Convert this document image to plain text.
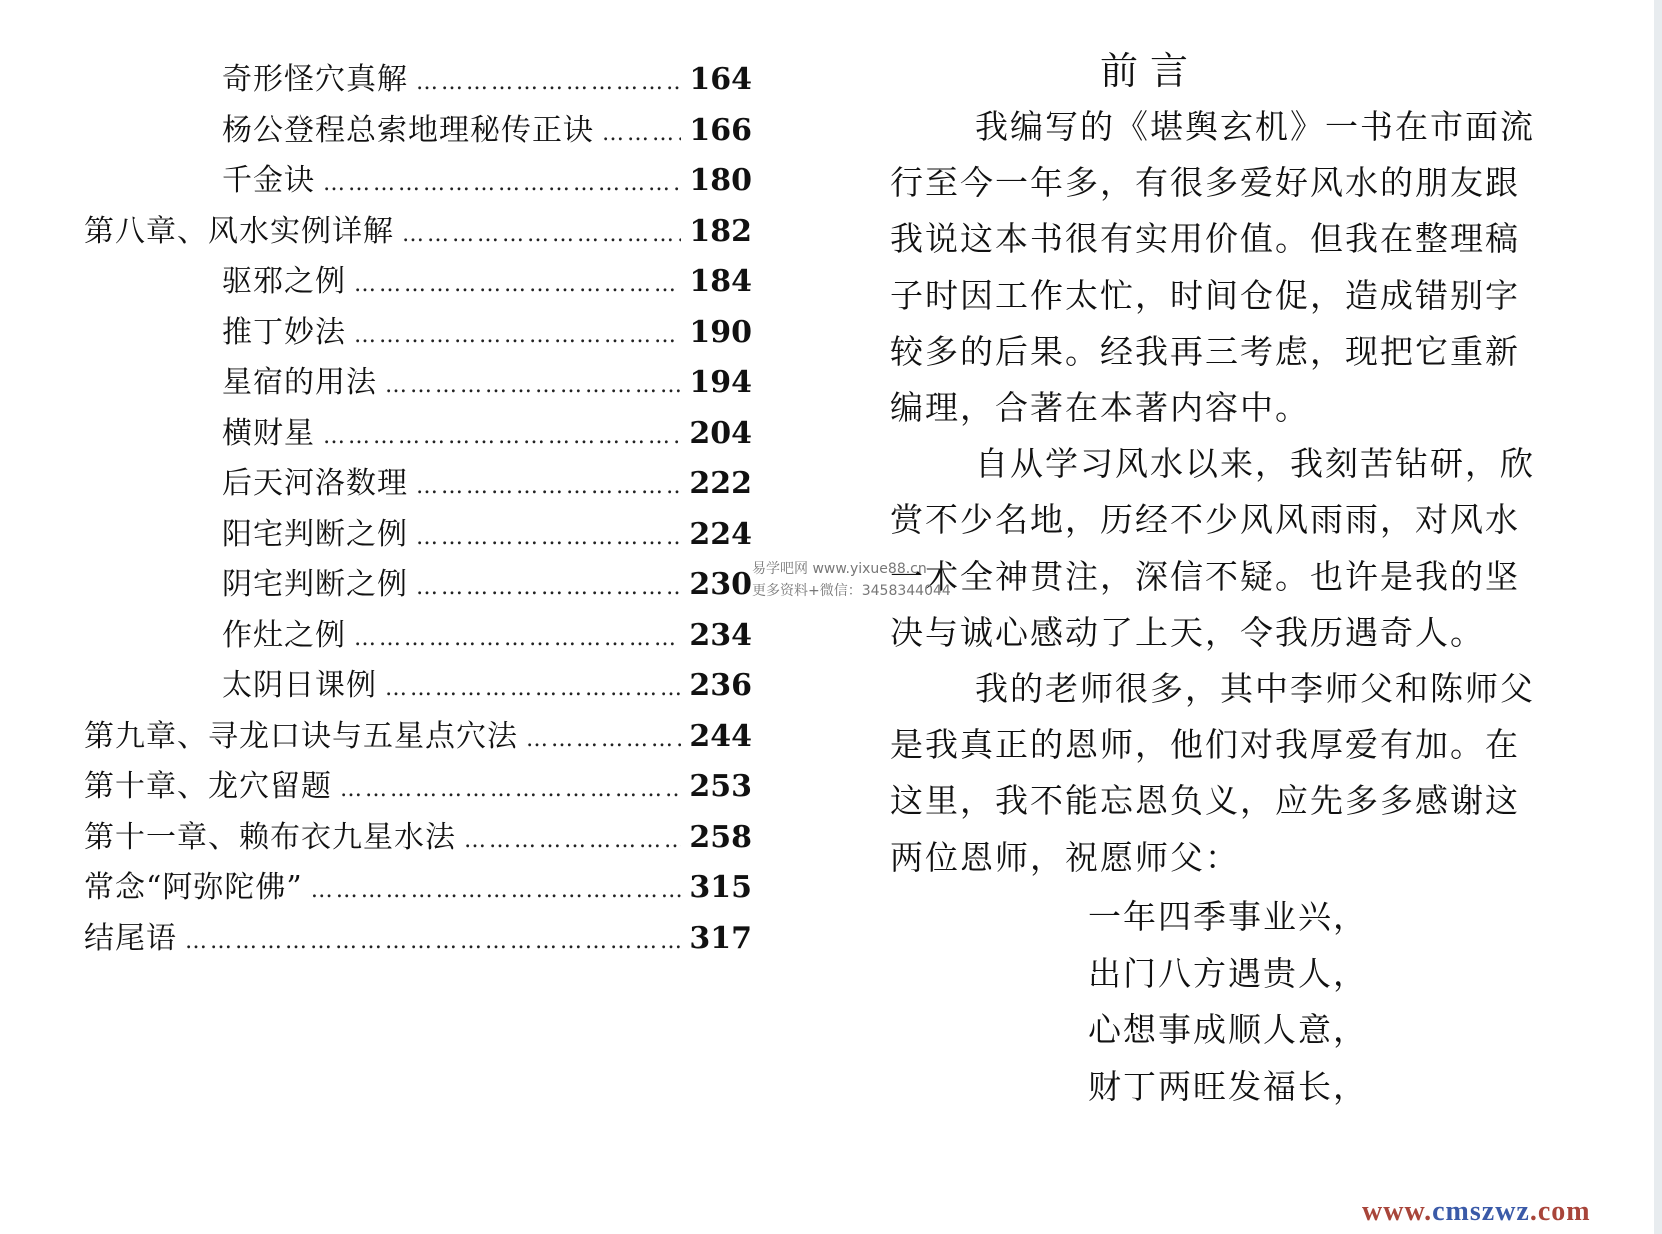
奇形怪穴真解 …………………………………………………………………………………………………………………………	164
杨公登程总索地理秘传正诀 …………………………………………………………………………………………………………………………	166
千金诀 …………………………………………………………………………………………………………………………	180
第八章、风水实例详解 …………………………………………………………………………………………………………………………	182
驱邪之例 …………………………………………………………………………………………………………………………	184
推丁妙法 …………………………………………………………………………………………………………………………	190
星宿的用法 …………………………………………………………………………………………………………………………	194
横财星 …………………………………………………………………………………………………………………………	204
后天河洛数理 …………………………………………………………………………………………………………………………	222
阳宅判断之例 …………………………………………………………………………………………………………………………	224
阴宅判断之例 …………………………………………………………………………………………………………………………	230
作灶之例 …………………………………………………………………………………………………………………………	234
太阴日课例 …………………………………………………………………………………………………………………………	236
第九章、寻龙口诀与五星点穴法 …………………………………………………………………………………………………………………………	244
第十章、龙穴留题 …………………………………………………………………………………………………………………………	253
第十一章、赖布衣九星水法 …………………………………………………………………………………………………………………………	258
常念“阿弥陀佛” …………………………………………………………………………………………………………………………	315
结尾语 …………………………………………………………………………………………………………………………	317
前言
我编写的《堪舆玄机》一书在市面流
行至今一年多，有很多爱好风水的朋友跟
我说这本书很有实用价值。但我在整理稿
子时因工作太忙，时间仓促，造成错别字
较多的后果。经我再三考虑，现把它重新
编理，合著在本著内容中。
自从学习风水以来，我刻苦钻研，欣
赏不少名地，历经不少风风雨雨，对风水
一术全神贯注，深信不疑。也许是我的坚
决与诚心感动了上天，令我历遇奇人。
我的老师很多，其中李师父和陈师父
是我真正的恩师，他们对我厚爱有加。在
这里，我不能忘恩负义，应先多多感谢这
两位恩师，祝愿师父：
一年四季事业兴，
出门八方遇贵人，
心想事成顺人意，
财丁两旺发福长，
易学吧网 www.yixue88.cn
更多资料+微信：3458344044
www.cmszwz.com
